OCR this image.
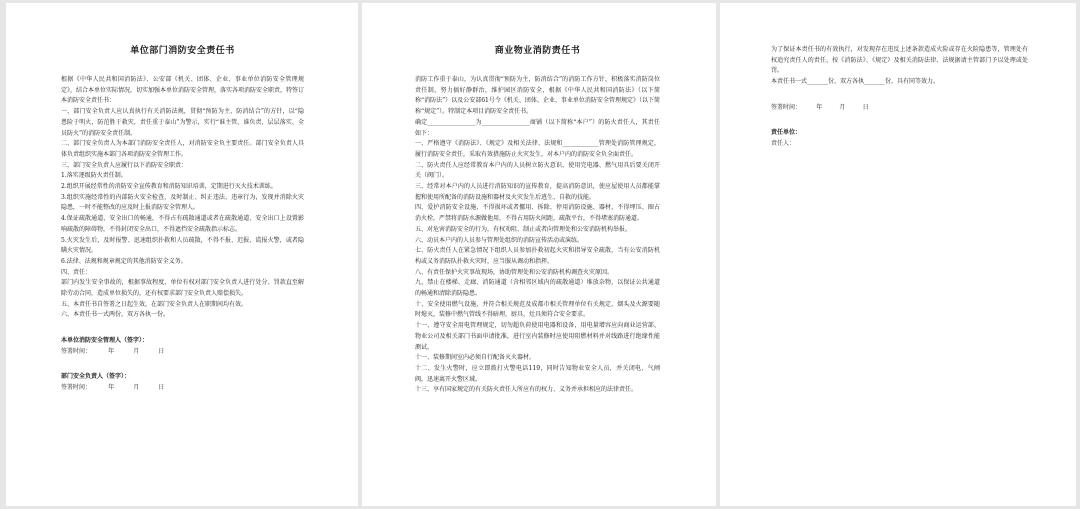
单位部门消防安全责任书

根据《中华人民共和国消防法》、公安部《机关、团体、企业、事业单位消防安全管理规定》，结合本单位实际情况，切实加强本单位消防安全管理，落实各项消防安全职责，特签订本消防安全责任书：

一、部门安全负责人应认真执行有关消防法规，贯彻“预防为主、防消结合”的方针，以“隐患险于明火，防范胜于救灾，责任重于泰山”为警示，实行“谁主管、谁负责，层层落实、全员防火”的消防安全责任制。

二、部门安全负责人为本部门消防安全责任人，对消防安全负主要责任。部门安全负责人具体负责组织实施本部门各项消防安全管理工作。

三、部门安全负责人应履行以下消防安全职责：

1.落实逐级防火责任制。

2.组织开展经常性的消防安全宣传教育和消防知识培训，定期进行灭火技术训练。

3.组织实施经常性的内部防火安全检查，及时制止、纠正违法、违章行为，发现并消除火灾隐患，一时不能整改的应及时上报消防安全管理人。

4.保证疏散通道、安全出口的畅通，不得占有疏散通道或者在疏散通道、安全出口上设置影响疏散的障碍物，不得封闭安全出口，不得遮挡安全疏散指示标志。

5.火灾发生后，及时报警、迅速组织扑救和人员疏散，不得不报、迟报、谎报火警，或者隐瞒火灾情况。

6.法律、法规和规章规定的其他消防安全义务。

四、责任：

部门内发生安全事故的，根据事故程度，单位有权对部门安全负责人进行处分、罚款直至解除劳动合同，造成单位损失的，还有权要求部门安全负责人赔偿损失。

五、本责任书自签署之日起生效，在部门安全负责人在职期间均有效。

六、本责任书一式两份，双方各执一份。

本单位消防安全管理人（签字）：
签署时间：         年          月          日
部门安全负责人（签字）：
签署时间：         年          月          日
商业物业消防责任书

消防工作重于泰山，为认真贯彻“预防为主，防消结合”的消防工作方针，积极落实消防岗位责任制，努力搞好静群治，维护园区消防安全，根据《中华人民共和国消防法》（以下简称“消防法”）以及公安部61号令《机关、团体、企业、事业单位消防安全管理规定》（以下简称“规定”）。特制定本项目消防安全责任书。

确定________________为________________商铺（以下简称“本户”）的防火责任人，其责任如下：

一、严格遵守《消防法》、《规定》及相关法律、法规和____________管理处消防管理规定，履行消防安全责任，采取有效措施防止火灾发生，对本户内的消防安全负全面责任。

二、防火责任人应经常教育本户内的人员树立防火意识，使用完电器、燃气用具后要关闭开关（阀门）。

三、经常对本户内的人员进行消防知识的宣传教育，提高消防意识，使应屋使用人员都能掌握和使用所配备的消防设施和器材及火灾发生后逃生、自救的技能。

四、爱护消防安全设施，不得损坏或者挪用、拆除、停用消防设施、器材，不得埋压、圈占消火栓，严禁将消防水源做他用，不得占用防火间距，疏散平台，不得堵塞消防通道。

五、对危害消防安全的行为，有权劝阻、制止或者向管理处和公安消防机构举报。

六、动员本户内的人员参与管理处组织的消防宣传活动或演练。

七、防火责任人在紧急情况下组织人员参加扑救初起火灾和指导安全疏散，当有公安消防机构或义务消防队扑救火灾时，应当服从调动和指挥。

八、有责任保护火灾事故现场，协助管理处和公安消防机构调查火灾原因。

九、禁止在楼梯、走廊、消防通道（含相邻区域内的疏散通道）堆放杂物，以保证公共通道的畅通和清除消防隐患。

十、安全使用燃气设施，并符合相关规范及成都市相关管理单位有关规定，烟头及火源要随时熄灭，装修中燃气管线不得暗埋，厨具、灶具须符合安全要求。

十一、遵守安全用电管理规定，切勿超负荷使用电器和设备，用电量增容应向商业运营部、物业公司及相关部门书面申请批准，进行室内装修时应使用阻燃材料并对线路进行绝缘性能测试。

十一、装修期间室内必须自行配备灭火器材。

十二、发生火警时，应立即拨打火警电话119，同时告知物业安全人员，并关闭电、气闸阀，迅速离开火警区域。

十三、享有国家规定的有关防火责任人所应有的权力、义务并承担相应的法律责任。

为了保证本责任书的有效执行，对发现存在违反上述条款造成火险或存在火险隐患等，管理处有权追究责任人的责任，按《消防法》、《规定》及相关消防法律、法规据请主管部门予以处理或处罚。

本责任书一式_______份，双方各执_______份，具有同等效力。

签署时间：        年         月         日
责任单位：
责任人：
